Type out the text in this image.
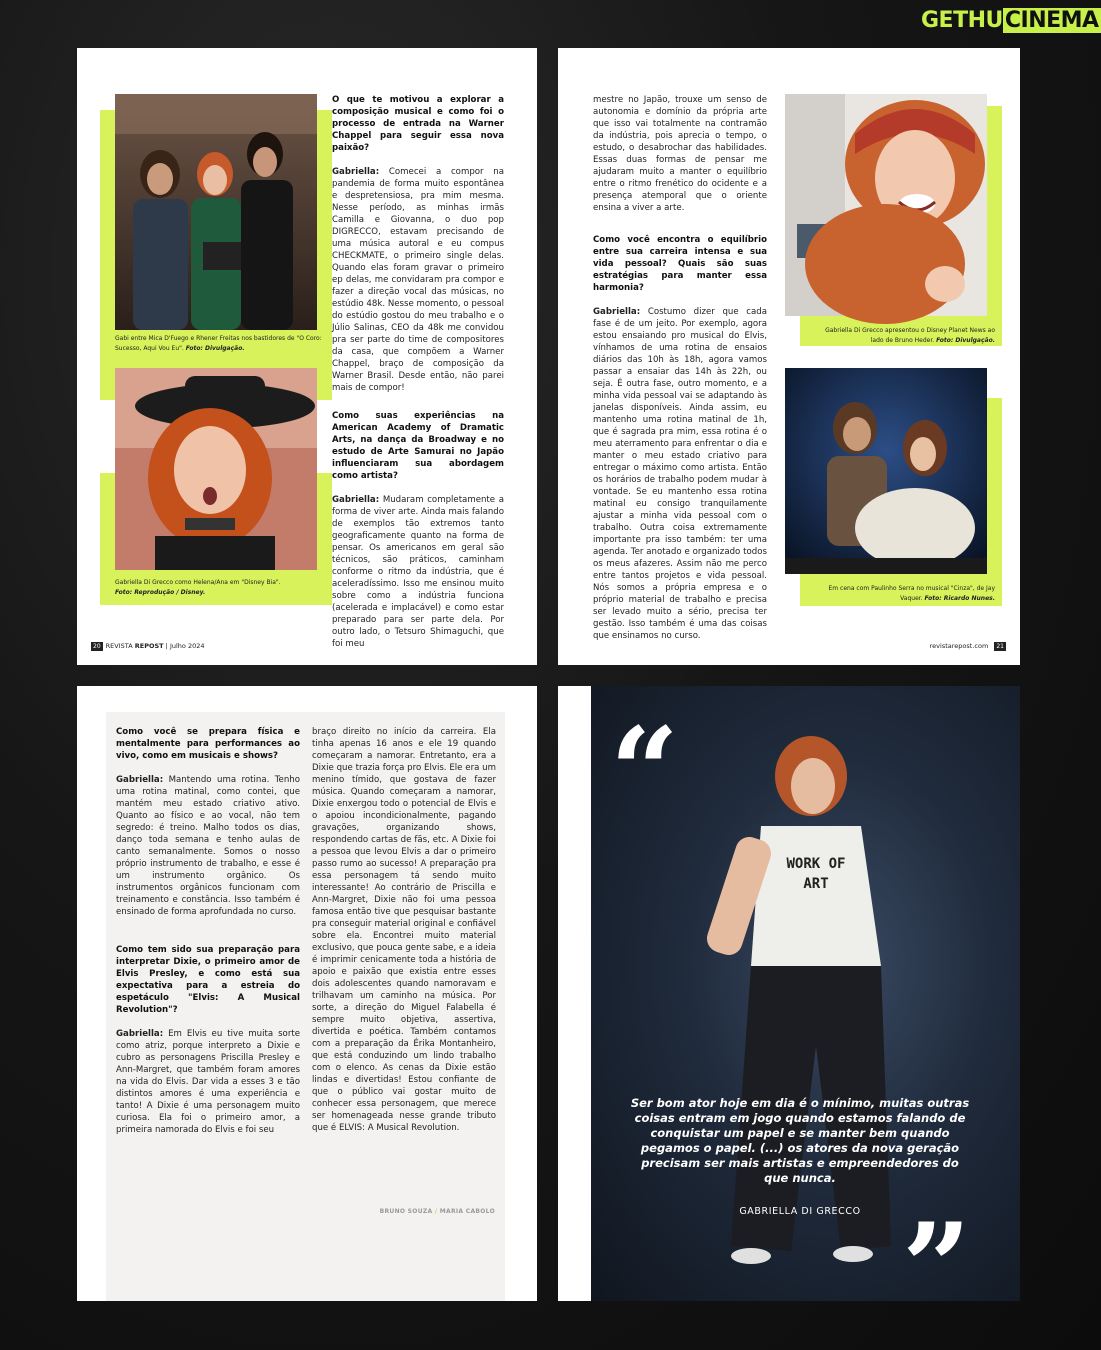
GETHUCINEMA
Gabi entre Mica D'Fuego e Rhener Freitas nos bastidores de "O Coro: Sucesso, Aqui Vou Eu". Foto: Divulgação.
Gabriella Di Grecco como Helena/Ana em "Disney Bia".
Foto: Reprodução / Disney.

O que te motivou a explorar a composição musical e como foi o processo de entrada na Warner Chappel para seguir essa nova paixão?

Gabriella: Comecei a compor na pandemia de forma muito espontânea e despretensiosa, pra mim mesma. Nesse período, as minhas irmãs Camilla e Giovanna, o duo pop DIGRECCO, estavam precisando de uma música autoral e eu compus CHECKMATE, o primeiro single delas. Quando elas foram gravar o primeiro ep delas, me convidaram pra compor e fazer a direção vocal das músicas, no estúdio 48k. Nesse momento, o pessoal do estúdio gostou do meu trabalho e o Júlio Salinas, CEO da 48k me convidou pra ser parte do time de compositores da casa, que compõem a Warner Chappel, braço de composição da Warner Brasil. Desde então, não parei mais de compor!

Como suas experiências na American Academy of Dramatic Arts, na dança da Broadway e no estudo de Arte Samurai no Japão influenciaram sua abordagem como artista?

Gabriella: Mudaram completamente a forma de viver arte. Ainda mais falando de exemplos tão extremos tanto geograficamente quanto na forma de pensar. Os americanos em geral são técnicos, são práticos, caminham conforme o ritmo da indústria, que é aceleradíssimo. Isso me ensinou muito sobre como a indústria funciona (acelerada e implacável) e como estar preparado para ser parte dela. Por outro lado, o Tetsuro Shimaguchi, que foi meu

20 REVISTA REPOST | Julho 2024

mestre no Japão, trouxe um senso de autonomia e domínio da própria arte que isso vai totalmente na contramão da indústria, pois aprecia o tempo, o estudo, o desabrochar das habilidades. Essas duas formas de pensar me ajudaram muito a manter o equilíbrio entre o ritmo frenético do ocidente e a presença atemporal que o oriente ensina a viver a arte.

Como você encontra o equilíbrio entre sua carreira intensa e sua vida pessoal? Quais são suas estratégias para manter essa harmonia?

Gabriella: Costumo dizer que cada fase é de um jeito. Por exemplo, agora estou ensaiando pro musical do Elvis, vínhamos de uma rotina de ensaios diários das 10h às 18h, agora vamos passar a ensaiar das 14h às 22h, ou seja. É outra fase, outro momento, e a minha vida pessoal vai se adaptando às janelas disponíveis. Ainda assim, eu mantenho uma rotina matinal de 1h, que é sagrada pra mim, essa rotina é o meu aterramento para enfrentar o dia e manter o meu estado criativo para entregar o máximo como artista. Então os horários de trabalho podem mudar à vontade. Se eu mantenho essa rotina matinal eu consigo tranquilamente ajustar a minha vida pessoal com o trabalho. Outra coisa extremamente importante pra isso também: ter uma agenda. Ter anotado e organizado todos os meus afazeres. Assim não me perco entre tantos projetos e vida pessoal. Nós somos a própria empresa e o próprio material de trabalho e precisa ser levado muito a sério, precisa ter gestão. Isso também é uma das coisas que ensinamos no curso.

Gabriella Di Grecco apresentou o Disney Planet News ao lado de Bruno Heder. Foto: Divulgação.
Em cena com Paulinho Serra no musical "Cinza", de Jay Vaquer. Foto: Ricardo Nunes.
revistarepost.com 21

Como você se prepara física e mentalmente para performances ao vivo, como em musicais e shows?

Gabriella: Mantendo uma rotina. Tenho uma rotina matinal, como contei, que mantém meu estado criativo ativo. Quanto ao físico e ao vocal, não tem segredo: é treino. Malho todos os dias, danço toda semana e tenho aulas de canto semanalmente. Somos o nosso próprio instrumento de trabalho, e esse é um instrumento orgânico. Os instrumentos orgânicos funcionam com treinamento e constância. Isso também é ensinado de forma aprofundada no curso.

Como tem sido sua preparação para interpretar Dixie, o primeiro amor de Elvis Presley, e como está sua expectativa para a estreia do espetáculo "Elvis: A Musical Revolution"?

Gabriella: Em Elvis eu tive muita sorte como atriz, porque interpreto a Dixie e cubro as personagens Priscilla Presley e Ann-Margret, que também foram amores na vida do Elvis. Dar vida a esses 3 e tão distintos amores é uma experiência e tanto! A Dixie é uma personagem muito curiosa. Ela foi o primeiro amor, a primeira namorada do Elvis e foi seu

braço direito no início da carreira. Ela tinha apenas 16 anos e ele 19 quando começaram a namorar. Entretanto, era a Dixie que trazia força pro Elvis. Ele era um menino tímido, que gostava de fazer música. Quando começaram a namorar, Dixie enxergou todo o potencial de Elvis e o apoiou incondicionalmente, pagando gravações, organizando shows, respondendo cartas de fãs, etc. A Dixie foi a pessoa que levou Elvis a dar o primeiro passo rumo ao sucesso! A preparação pra essa personagem tá sendo muito interessante! Ao contrário de Priscilla e Ann-Margret, Dixie não foi uma pessoa famosa então tive que pesquisar bastante pra conseguir material original e confiável sobre ela. Encontrei muito material exclusivo, que pouca gente sabe, e a ideia é imprimir cenicamente toda a história de apoio e paixão que existia entre esses dois adolescentes quando namoravam e trilhavam um caminho na música. Por sorte, a direção do Miguel Falabella é sempre muito objetiva, assertiva, divertida e poética. Também contamos com a preparação da Érika Montanheiro, que está conduzindo um lindo trabalho com o elenco. As cenas da Dixie estão lindas e divertidas! Estou confiante de que o público vai gostar muito de conhecer essa personagem, que merece ser homenageada nesse grande tributo que é ELVIS: A Musical Revolution.

BRUNO SOUZA / MARIA CABOLO
WORK OF ART
“
”
Ser bom ator hoje em dia é o mínimo, muitas outras coisas entram em jogo quando estamos falando de conquistar um papel e se manter bem quando pegamos o papel. (...) os atores da nova geração precisam ser mais artistas e empreendedores do que nunca.
GABRIELLA DI GRECCO
